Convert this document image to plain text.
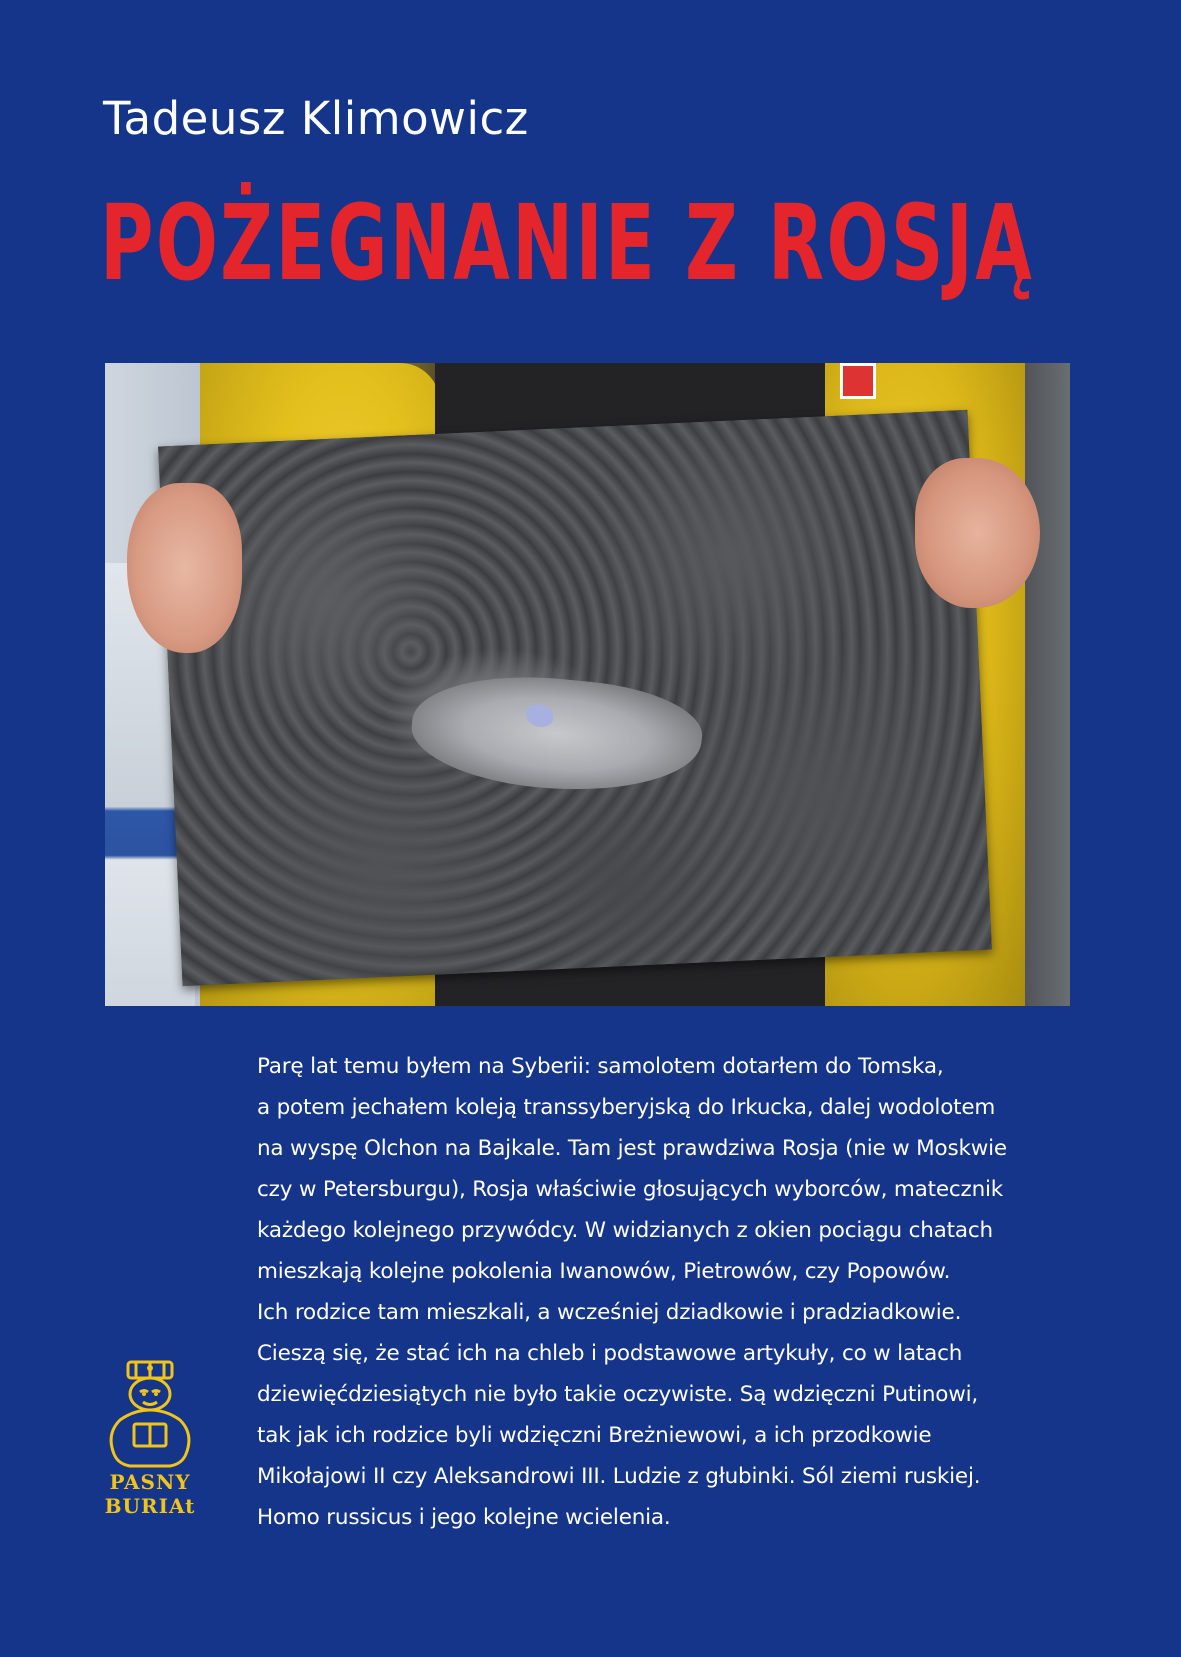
Tadeusz Klimowicz
POŻEGNANIE Z ROSJĄ
Parę lat temu byłem na Syberii: samolotem dotarłem do Tomska,
a potem jechałem koleją transsyberyjską do Irkucka, dalej wodolotem
na wyspę Olchon na Bajkale. Tam jest prawdziwa Rosja (nie w Moskwie
czy w Petersburgu), Rosja właściwie głosujących wyborców, matecznik
każdego kolejnego przywódcy. W widzianych z okien pociągu chatach
mieszkają kolejne pokolenia Iwanowów, Pietrowów, czy Popowów.
Ich rodzice tam mieszkali, a wcześniej dziadkowie i pradziadkowie.
Cieszą się, że stać ich na chleb i podstawowe artykuły, co w latach
dziewięćdziesiątych nie było takie oczywiste. Są wdzięczni Putinowi,
tak jak ich rodzice byli wdzięczni Breżniewowi, a ich przodkowie
Mikołajowi II czy Aleksandrowi III. Ludzie z głubinki. Sól ziemi ruskiej.
Homo russicus i jego kolejne wcielenia.
PASNY
BURIAt
